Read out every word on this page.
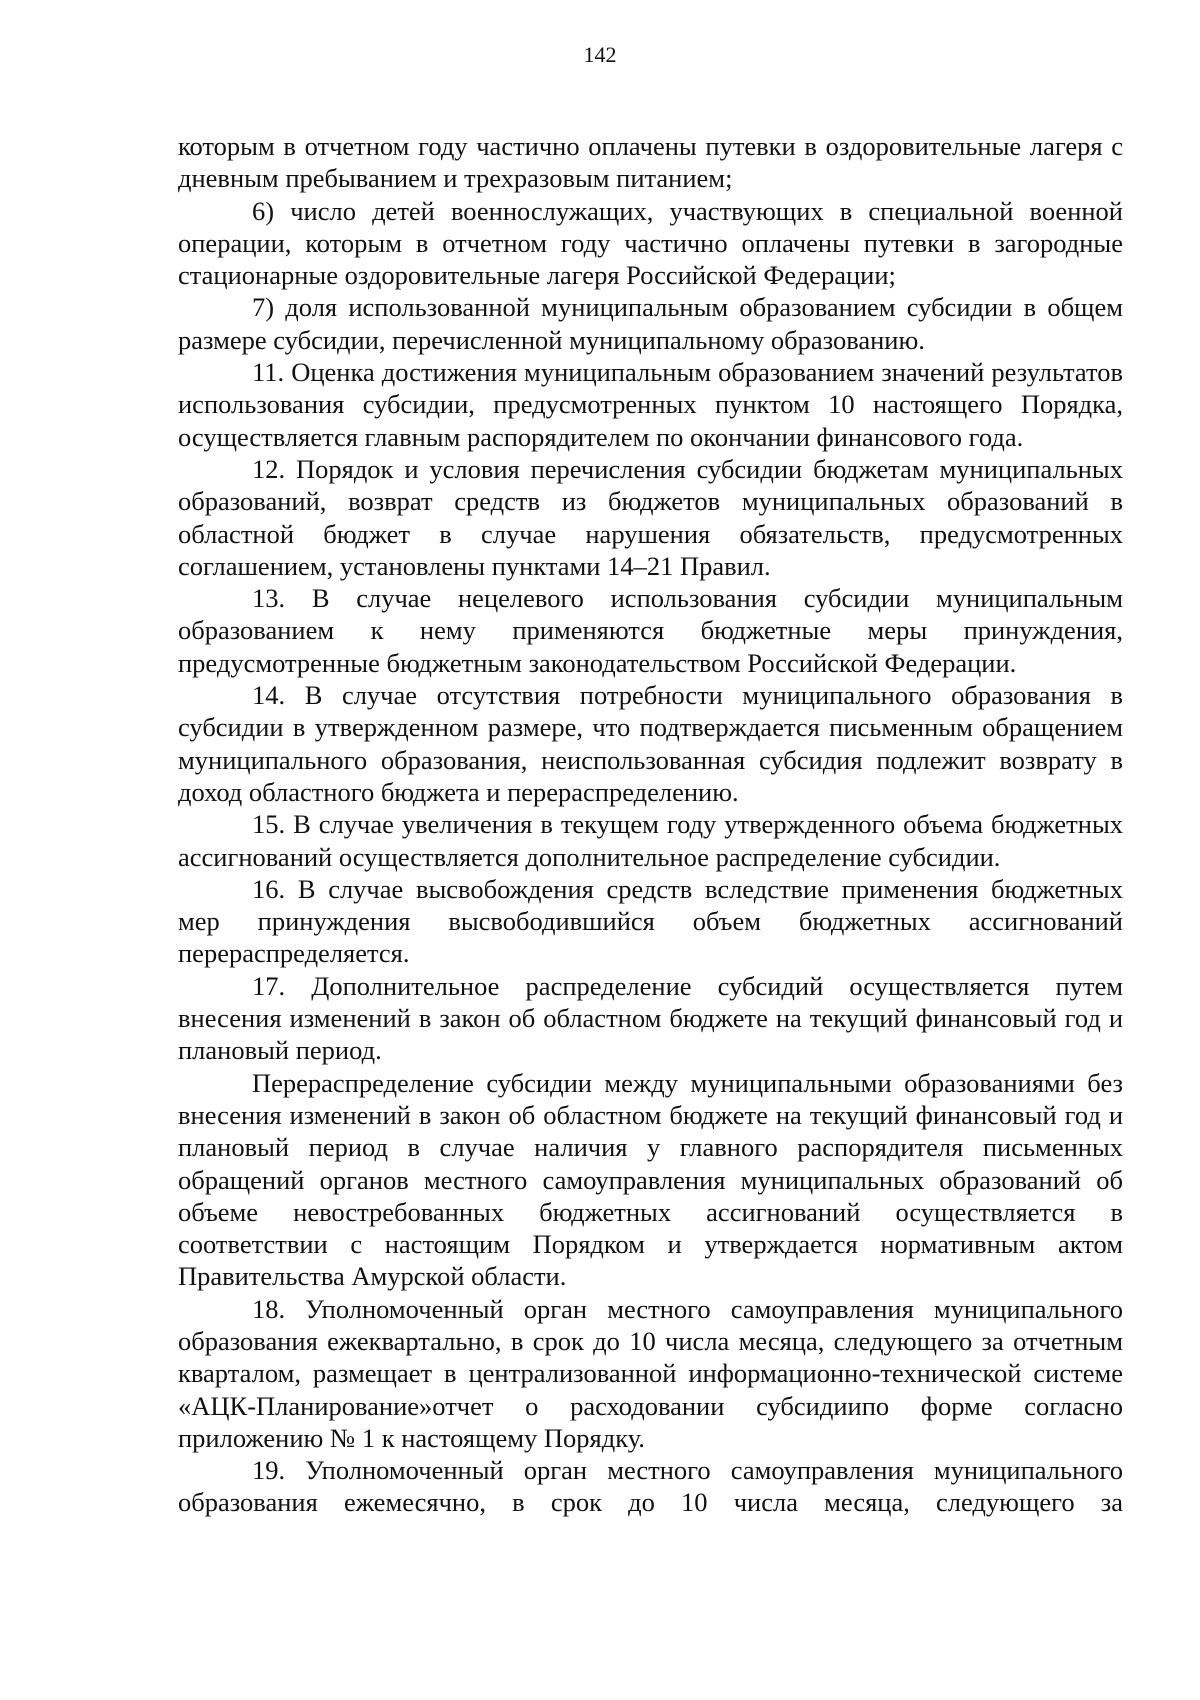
142

которым в отчетном году частично оплачены путевки в оздоровительные лагеря с дневным пребыванием и трехразовым питанием;

6) число детей военнослужащих, участвующих в специальной военной операции, которым в отчетном году частично оплачены путевки в загородные стационарные оздоровительные лагеря Российской Федерации;

7) доля использованной муниципальным образованием субсидии в общем размере субсидии, перечисленной муниципальному образованию.

11. Оценка достижения муниципальным образованием значений результатов использования субсидии, предусмотренных пунктом 10 настоящего Порядка, осуществляется главным распорядителем по окончании финансового года.

12. Порядок и условия перечисления субсидии бюджетам муниципальных образований, возврат средств из бюджетов муниципальных образований в областной бюджет в случае нарушения обязательств, предусмотренных соглашением, установлены пунктами 14–21 Правил.

13. В случае нецелевого использования субсидии муниципальным образованием к нему применяются бюджетные меры принуждения, предусмотренные бюджетным законодательством Российской Федерации.

14. В случае отсутствия потребности муниципального образования в субсидии в утвержденном размере, что подтверждается письменным обращением муниципального образования, неиспользованная субсидия подлежит возврату в доход областного бюджета и перераспределению.

15. В случае увеличения в текущем году утвержденного объема бюджетных ассигнований осуществляется дополнительное распределение субсидии.

16. В случае высвобождения средств вследствие применения бюджетных мер принуждения высвободившийся объем бюджетных ассигнований перераспределяется.

17. Дополнительное распределение субсидий осуществляется путем внесения изменений в закон об областном бюджете на текущий финансовый год и плановый период.

Перераспределение субсидии между муниципальными образованиями без внесения изменений в закон об областном бюджете на текущий финансовый год и плановый период в случае наличия у главного распорядителя письменных обращений органов местного самоуправления муниципальных образований об объеме невостребованных бюджетных ассигнований осуществляется в соответствии с настоящим Порядком и утверждается нормативным актом Правительства Амурской области.

18. Уполномоченный орган местного самоуправления муниципального образования ежеквартально, в срок до 10 числа месяца, следующего за отчетным кварталом, размещает в централизованной информационно-технической системе «АЦК-Планирование»отчет о расходовании субсидиипо форме согласно приложению № 1 к настоящему Порядку.

19. Уполномоченный орган местного самоуправления муниципального образования ежемесячно, в срок до 10 числа месяца, следующего за
